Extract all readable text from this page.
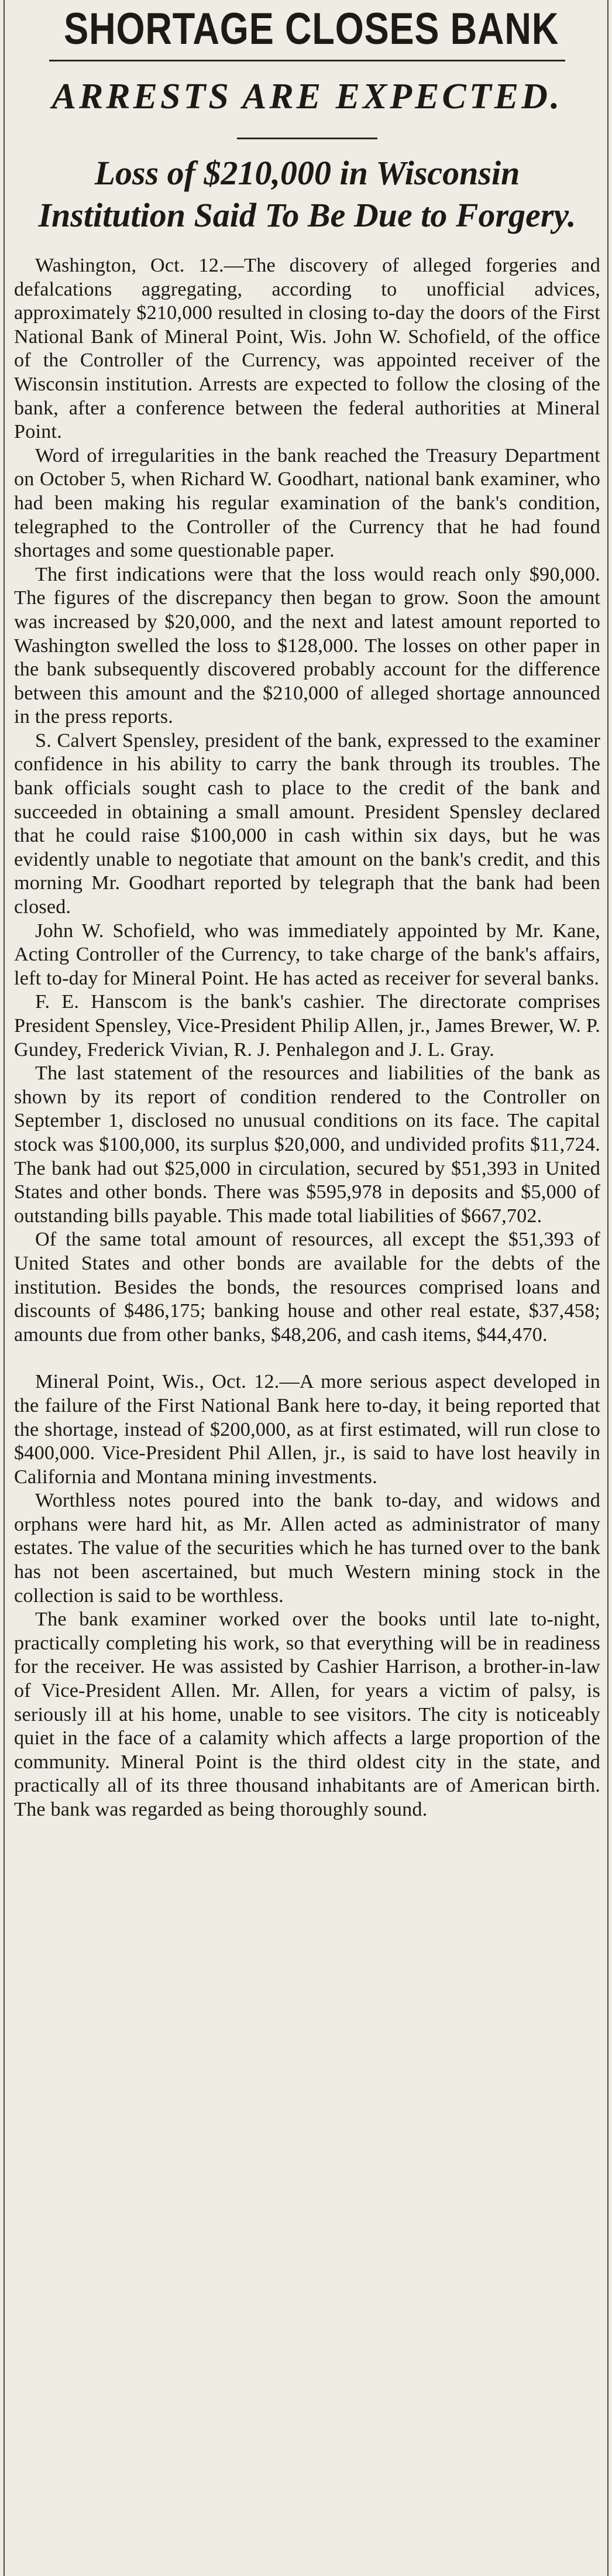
SHORTAGE CLOSES BANK
ARRESTS ARE EXPECTED.
Loss of $210,000 in Wisconsin Institution Said To Be Due to Forgery.

Washington, Oct. 12.—The discovery of alleged forgeries and defalcations aggregating, according to unofficial advices, approximately $210,000 resulted in closing to-day the doors of the First National Bank of Mineral Point, Wis. John W. Schofield, of the office of the Controller of the Currency, was appointed receiver of the Wisconsin institution. Arrests are expected to follow the closing of the bank, after a conference between the federal authorities at Mineral Point.

Word of irregularities in the bank reached the Treasury Department on October 5, when Richard W. Goodhart, national bank examiner, who had been making his regular examination of the bank's condition, telegraphed to the Controller of the Currency that he had found shortages and some questionable paper.

The first indications were that the loss would reach only $90,000. The figures of the discrepancy then began to grow. Soon the amount was increased by $20,000, and the next and latest amount reported to Washington swelled the loss to $128,000. The losses on other paper in the bank subsequently discovered probably account for the difference between this amount and the $210,000 of alleged shortage announced in the press reports.

S. Calvert Spensley, president of the bank, expressed to the examiner confidence in his ability to carry the bank through its troubles. The bank officials sought cash to place to the credit of the bank and succeeded in obtaining a small amount. President Spensley declared that he could raise $100,000 in cash within six days, but he was evidently unable to negotiate that amount on the bank's credit, and this morning Mr. Goodhart reported by telegraph that the bank had been closed.

John W. Schofield, who was immediately appointed by Mr. Kane, Acting Controller of the Currency, to take charge of the bank's affairs, left to-day for Mineral Point. He has acted as receiver for several banks.

F. E. Hanscom is the bank's cashier. The directorate comprises President Spensley, Vice-President Philip Allen, jr., James Brewer, W. P. Gundey, Frederick Vivian, R. J. Penhalegon and J. L. Gray.

The last statement of the resources and liabilities of the bank as shown by its report of condition rendered to the Controller on September 1, disclosed no unusual conditions on its face. The capital stock was $100,000, its surplus $20,000, and undivided profits $11,724. The bank had out $25,000 in circulation, secured by $51,393 in United States and other bonds. There was $595,978 in deposits and $5,000 of outstanding bills payable. This made total liabilities of $667,702.

Of the same total amount of resources, all except the $51,393 of United States and other bonds are available for the debts of the institution. Besides the bonds, the resources comprised loans and discounts of $486,175; banking house and other real estate, $37,458; amounts due from other banks, $48,206, and cash items, $44,470.

Mineral Point, Wis., Oct. 12.—A more serious aspect developed in the failure of the First National Bank here to-day, it being reported that the shortage, instead of $200,000, as at first estimated, will run close to $400,000. Vice-President Phil Allen, jr., is said to have lost heavily in California and Montana mining investments.

Worthless notes poured into the bank to-day, and widows and orphans were hard hit, as Mr. Allen acted as administrator of many estates. The value of the securities which he has turned over to the bank has not been ascertained, but much Western mining stock in the collection is said to be worthless.

The bank examiner worked over the books until late to-night, practically completing his work, so that everything will be in readiness for the receiver. He was assisted by Cashier Harrison, a brother-in-law of Vice-President Allen. Mr. Allen, for years a victim of palsy, is seriously ill at his home, unable to see visitors. The city is noticeably quiet in the face of a calamity which affects a large proportion of the community. Mineral Point is the third oldest city in the state, and practically all of its three thousand inhabitants are of American birth. The bank was regarded as being thoroughly sound.
